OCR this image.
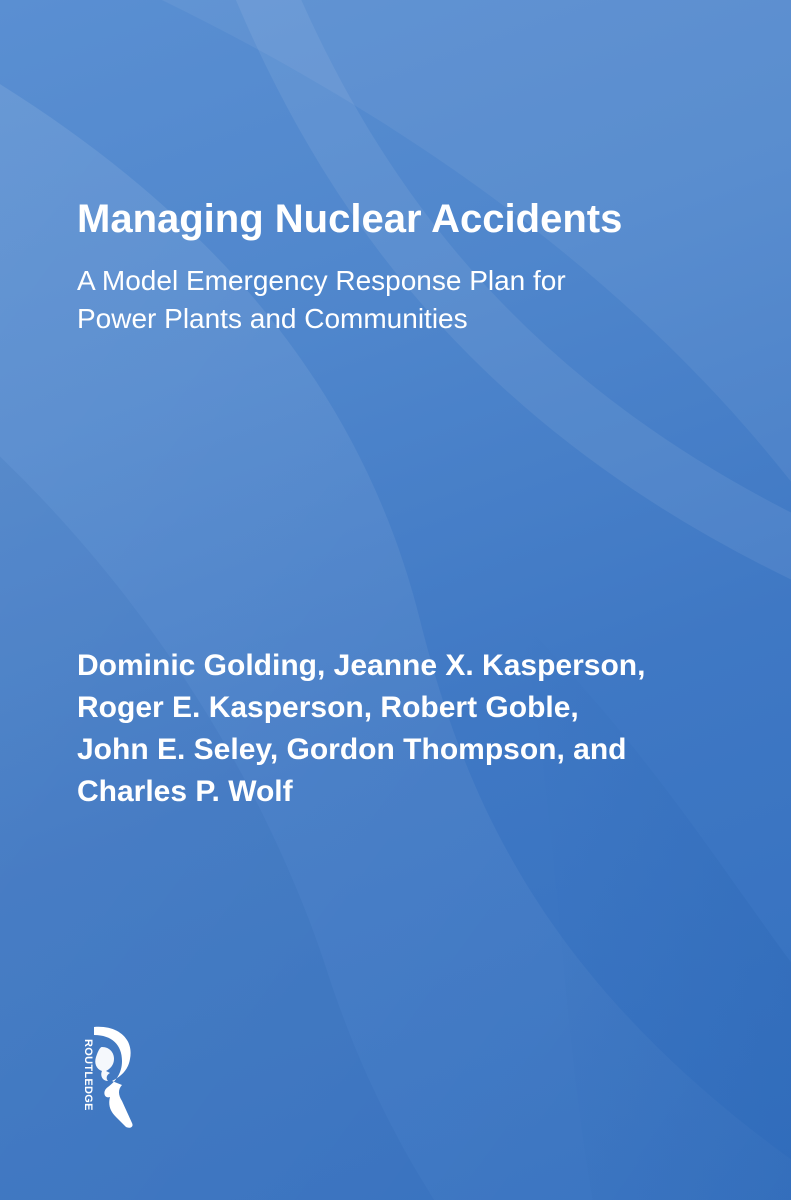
Managing Nuclear Accidents
A Model Emergency Response Plan for
Power Plants and Communities
Dominic Golding, Jeanne X. Kasperson,
Roger E. Kasperson, Robert Goble,
John E. Seley, Gordon Thompson, and
Charles P. Wolf

ROUTLEDGE
